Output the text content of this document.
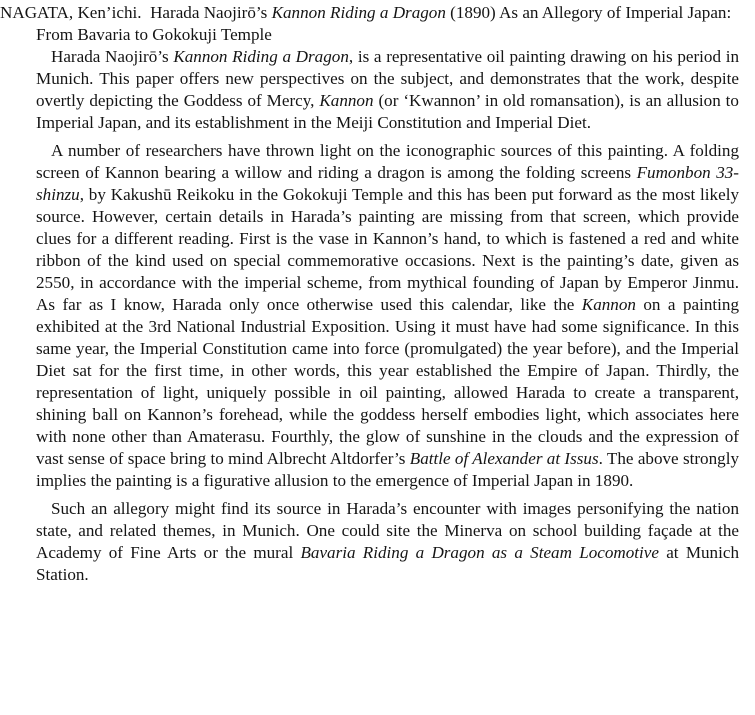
NAGATA, Ken’ichi. Harada Naojirō’s Kannon Riding a Dragon (1890) As an Allegory of Imperial Japan: From Bavaria to Gokokuji Temple

Harada Naojirō’s Kannon Riding a Dragon, is a representative oil painting drawing on his period in Munich. This paper offers new perspectives on the subject, and demonstrates that the work, despite overtly depicting the Goddess of Mercy, Kannon (or ‘Kwannon’ in old romansation), is an allusion to Imperial Japan, and its establishment in the Meiji Constitution and Imperial Diet.

A number of researchers have thrown light on the iconographic sources of this painting. A folding screen of Kannon bearing a willow and riding a dragon is among the folding screens Fumonbon 33-shinzu, by Kakushū Reikoku in the Gokokuji Temple and this has been put forward as the most likely source. However, certain details in Harada’s painting are missing from that screen, which provide clues for a different reading. First is the vase in Kannon’s hand, to which is fastened a red and white ribbon of the kind used on special commemorative occasions. Next is the painting’s date, given as 2550, in accordance with the imperial scheme, from mythical founding of Japan by Emperor Jinmu. As far as I know, Harada only once otherwise used this calendar, like the Kannon on a painting exhibited at the 3rd National Industrial Exposition. Using it must have had some significance. In this same year, the Imperial Constitution came into force (promulgated) the year before), and the Imperial Diet sat for the first time, in other words, this year established the Empire of Japan. Thirdly, the representation of light, uniquely possible in oil painting, allowed Harada to create a transparent, shining ball on Kannon’s forehead, while the goddess herself embodies light, which associates here with none other than Amaterasu. Fourthly, the glow of sunshine in the clouds and the expression of vast sense of space bring to mind Albrecht Altdorfer’s Battle of Alexander at Issus. The above strongly implies the painting is a figurative allusion to the emergence of Imperial Japan in 1890.

Such an allegory might find its source in Harada’s encounter with images personifying the nation state, and related themes, in Munich. One could site the Minerva on school building façade at the Academy of Fine Arts or the mural Bavaria Riding a Dragon as a Steam Locomotive at Munich Station.
